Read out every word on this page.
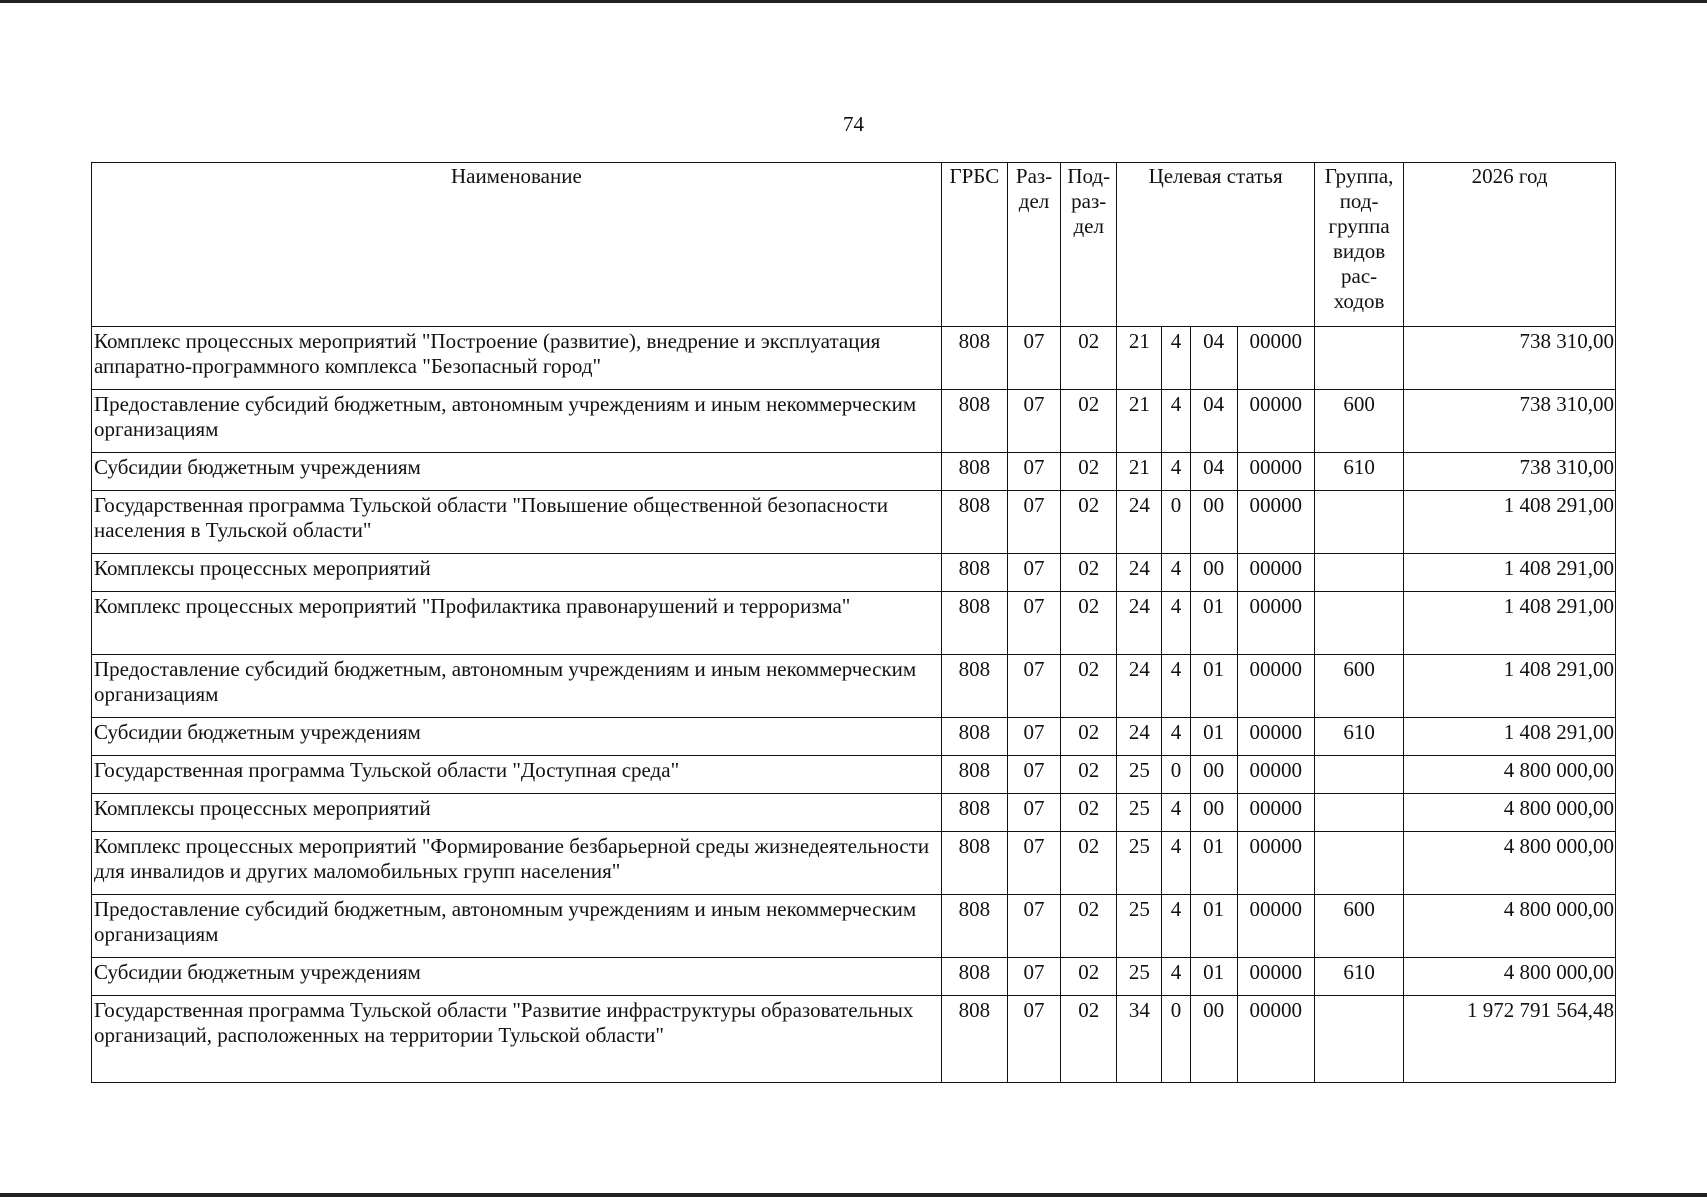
74
Наименование	ГРБС	Раз-дел	Под-раз-дел	Целевая статья				Группа, под-группа видов рас-ходов	2026 год
Комплекс процессных мероприятий "Построение (развитие), внедрение и эксплуатация аппаратно-программного комплекса "Безопасный город"	808	07	02	21	4	04	00000		738 310,00
Предоставление субсидий бюджетным, автономным учреждениям и иным некоммерческим организациям	808	07	02	21	4	04	00000	600	738 310,00
Субсидии бюджетным учреждениям	808	07	02	21	4	04	00000	610	738 310,00
Государственная программа Тульской области "Повышение общественной безопасности населения в Тульской области"	808	07	02	24	0	00	00000		1 408 291,00
Комплексы процессных мероприятий	808	07	02	24	4	00	00000		1 408 291,00
Комплекс процессных мероприятий "Профилактика правонарушений и терроризма"	808	07	02	24	4	01	00000		1 408 291,00
Предоставление субсидий бюджетным, автономным учреждениям и иным некоммерческим организациям	808	07	02	24	4	01	00000	600	1 408 291,00
Субсидии бюджетным учреждениям	808	07	02	24	4	01	00000	610	1 408 291,00
Государственная программа Тульской области "Доступная среда"	808	07	02	25	0	00	00000		4 800 000,00
Комплексы процессных мероприятий	808	07	02	25	4	00	00000		4 800 000,00
Комплекс процессных мероприятий "Формирование безбарьерной среды жизнедеятельности для инвалидов и других маломобильных групп населения"	808	07	02	25	4	01	00000		4 800 000,00
Предоставление субсидий бюджетным, автономным учреждениям и иным некоммерческим организациям	808	07	02	25	4	01	00000	600	4 800 000,00
Субсидии бюджетным учреждениям	808	07	02	25	4	01	00000	610	4 800 000,00
Государственная программа Тульской области "Развитие инфраструктуры образовательных организаций, расположенных на территории Тульской области"	808	07	02	34	0	00	00000		1 972 791 564,48
